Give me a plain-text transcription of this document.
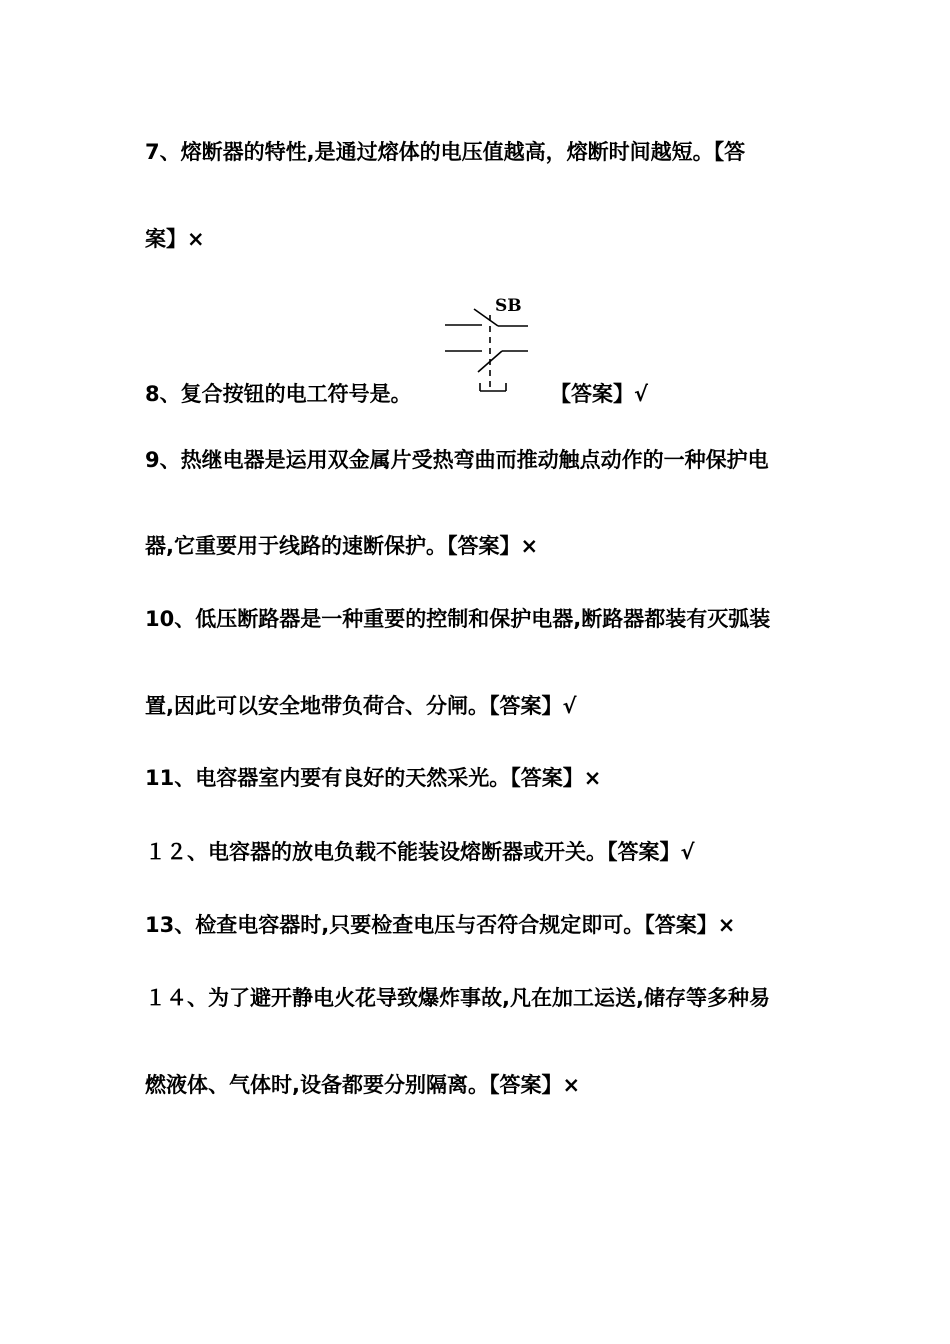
7、熔断器的特性,是通过熔体的电压值越高，熔断时间越短。【答
案】×
SB
8、复合按钮的电工符号是。	【答案】√
9、热继电器是运用双金属片受热弯曲而推动触点动作的一种保护电
器,它重要用于线路的速断保护。【答案】×
10、低压断路器是一种重要的控制和保护电器,断路器都装有灭弧装
置,因此可以安全地带负荷合、分闸。【答案】√
11、电容器室内要有良好的天然采光。【答案】×
１２、电容器的放电负载不能装设熔断器或开关。【答案】√
13、检查电容器时,只要检查电压与否符合规定即可。【答案】×
１４、为了避开静电火花导致爆炸事故,凡在加工运送,储存等多种易
燃液体、气体时,设备都要分别隔离。【答案】×
